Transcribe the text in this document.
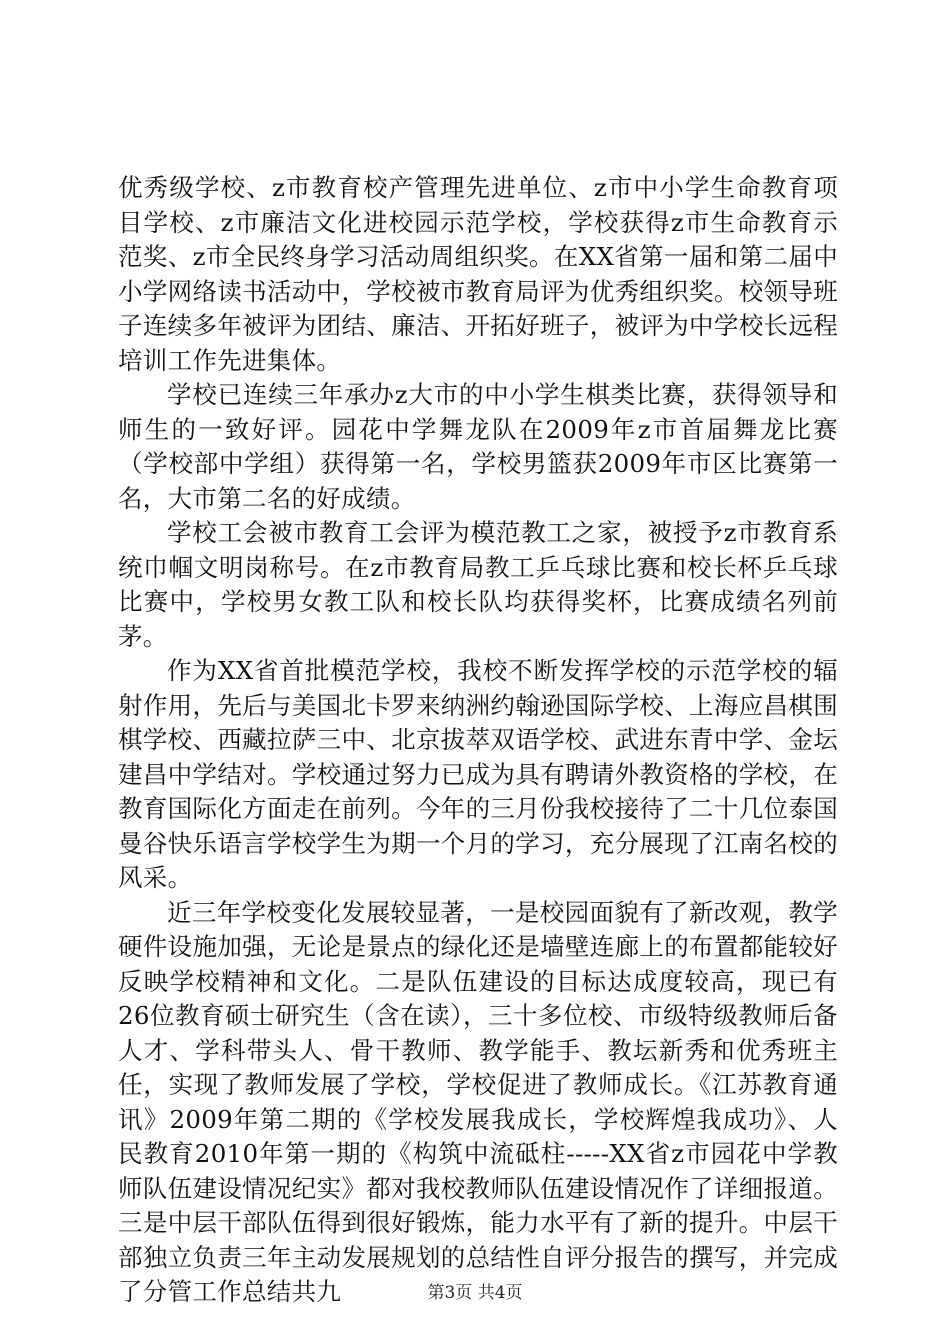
优秀级学校、z市教育校产管理先进单位、z市中小学生命教育项目学校、z市廉洁文化进校园示范学校，学校获得z市生命教育示范奖、z市全民终身学习活动周组织奖。在XX省第一届和第二届中小学网络读书活动中，学校被市教育局评为优秀组织奖。校领导班子连续多年被评为团结、廉洁、开拓好班子，被评为中学校长远程培训工作先进集体。

学校已连续三年承办z大市的中小学生棋类比赛，获得领导和师生的一致好评。园花中学舞龙队在2009年z市首届舞龙比赛（学校部中学组）获得第一名，学校男篮获2009年市区比赛第一名，大市第二名的好成绩。

学校工会被市教育工会评为模范教工之家，被授予z市教育系统巾帼文明岗称号。在z市教育局教工乒乓球比赛和校长杯乒乓球比赛中，学校男女教工队和校长队均获得奖杯，比赛成绩名列前茅。

作为XX省首批模范学校，我校不断发挥学校的示范学校的辐射作用，先后与美国北卡罗来纳洲约翰逊国际学校、上海应昌棋围棋学校、西藏拉萨三中、北京拔萃双语学校、武进东青中学、金坛建昌中学结对。学校通过努力已成为具有聘请外教资格的学校，在教育国际化方面走在前列。今年的三月份我校接待了二十几位泰国曼谷快乐语言学校学生为期一个月的学习，充分展现了江南名校的风采。

近三年学校变化发展较显著，一是校园面貌有了新改观，教学硬件设施加强，无论是景点的绿化还是墙壁连廊上的布置都能较好反映学校精神和文化。二是队伍建设的目标达成度较高，现已有26位教育硕士研究生（含在读），三十多位校、市级特级教师后备人才、学科带头人、骨干教师、教学能手、教坛新秀和优秀班主任，实现了教师发展了学校，学校促进了教师成长。《江苏教育通讯》2009年第二期的《学校发展我成长，学校辉煌我成功》、人民教育2010年第一期的《构筑中流砥柱-----XX省z市园花中学教师队伍建设情况纪实》都对我校教师队伍建设情况作了详细报道。三是中层干部队伍得到很好锻炼，能力水平有了新的提升。中层干部独立负责三年主动发展规划的总结性自评分报告的撰写，并完成了分管工作总结共九	第3页 共4页
